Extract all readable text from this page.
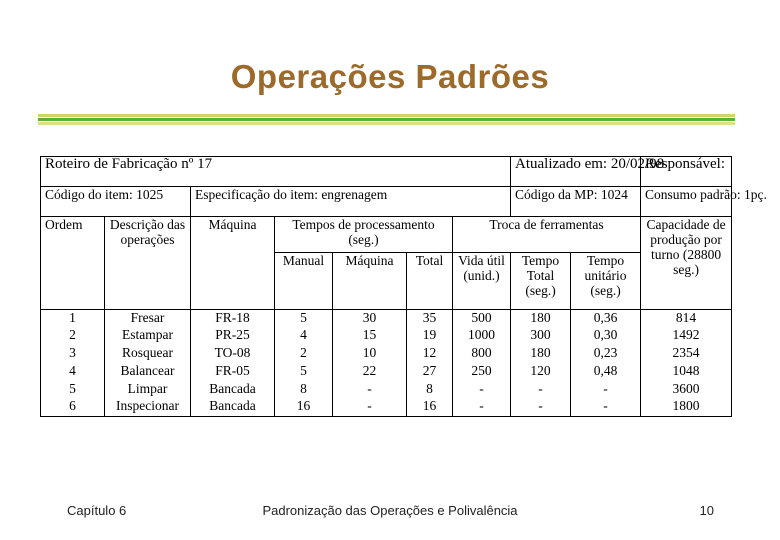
Operações Padrões
Roteiro de Fabricação nº 17							Atualizado em: 20/02/98		Responsável:
Código do item: 1025		Especificação do item: engrenagem					Código da MP: 1024		Consumo padrão: 1pç.
Ordem	Descrição das operações	Máquina	Tempos de processamento (seg.)			Troca de ferramentas			Capacidade de produção por turno (28800 seg.)
			Manual	Máquina	Total	Vida útil (unid.)	Tempo Total (seg.)	Tempo unitário (seg.)	
1	Fresar	FR-18	5	30	35	500	180	0,36	814
2	Estampar	PR-25	4	15	19	1000	300	0,30	1492
3	Rosquear	TO-08	2	10	12	800	180	0,23	2354
4	Balancear	FR-05	5	22	27	250	120	0,48	1048
5	Limpar	Bancada	8	-	8	-	-	-	3600
6	Inspecionar	Bancada	16	-	16	-	-	-	1800
Capítulo 6	Padronização das Operações e Polivalência	10
